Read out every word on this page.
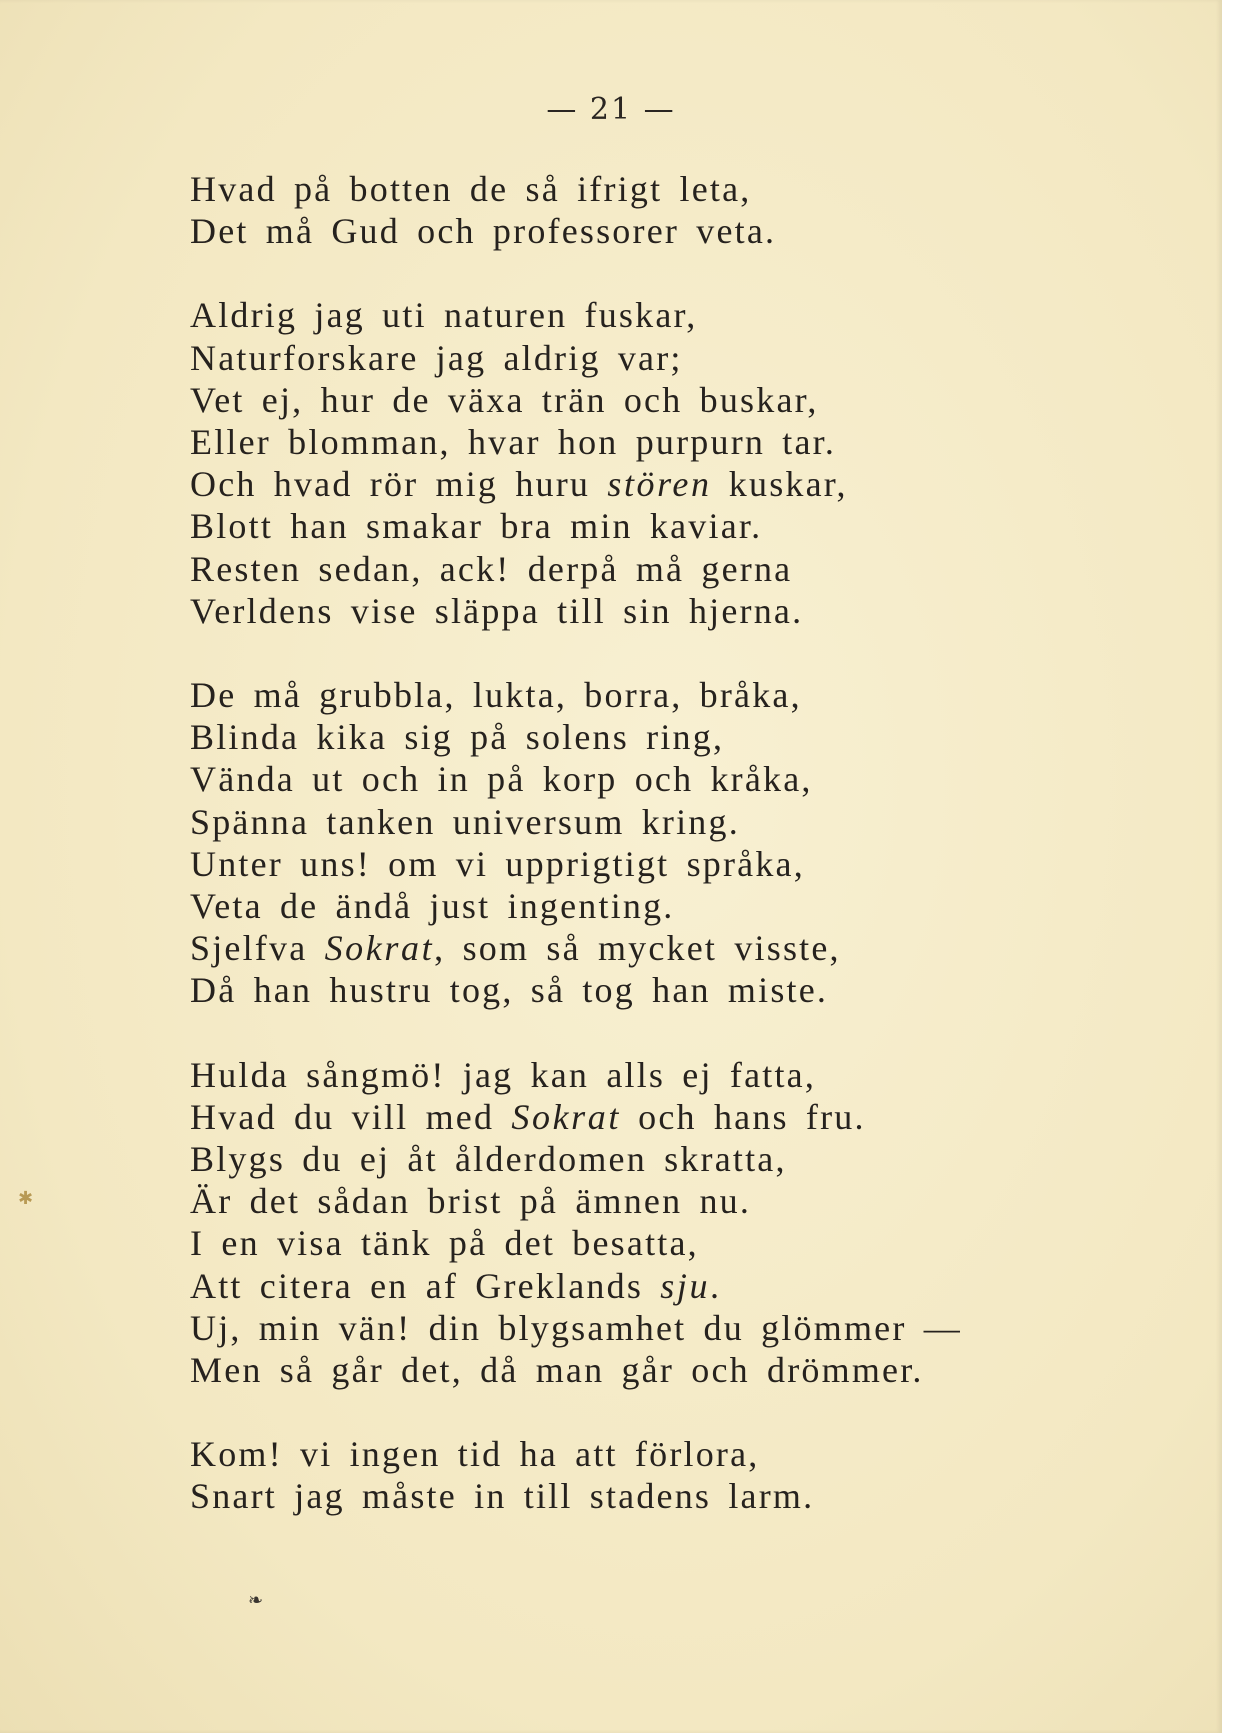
— 21 —
Hvad på botten de så ifrigt leta,
Det må Gud och professorer veta.
Aldrig jag uti naturen fuskar,
Naturforskare jag aldrig var;
Vet ej, hur de växa trän och buskar,
Eller blomman, hvar hon purpurn tar.
Och hvad rör mig huru stören kuskar,
Blott han smakar bra min kaviar.
Resten sedan, ack! derpå må gerna
Verldens vise släppa till sin hjerna.
De må grubbla, lukta, borra, bråka,
Blinda kika sig på solens ring,
Vända ut och in på korp och kråka,
Spänna tanken universum kring.
Unter uns! om vi upprigtigt språka,
Veta de ändå just ingenting.
Sjelfva Sokrat, som så mycket visste,
Då han hustru tog, så tog han miste.
Hulda sångmö! jag kan alls ej fatta,
Hvad du vill med Sokrat och hans fru.
Blygs du ej åt ålderdomen skratta,
Är det sådan brist på ämnen nu.
I en visa tänk på det besatta,
Att citera en af Greklands sju.
Uj, min vän! din blygsamhet du glömmer —
Men så går det, då man går och drömmer.
Kom! vi ingen tid ha att förlora,
Snart jag måste in till stadens larm.
❧
✱
